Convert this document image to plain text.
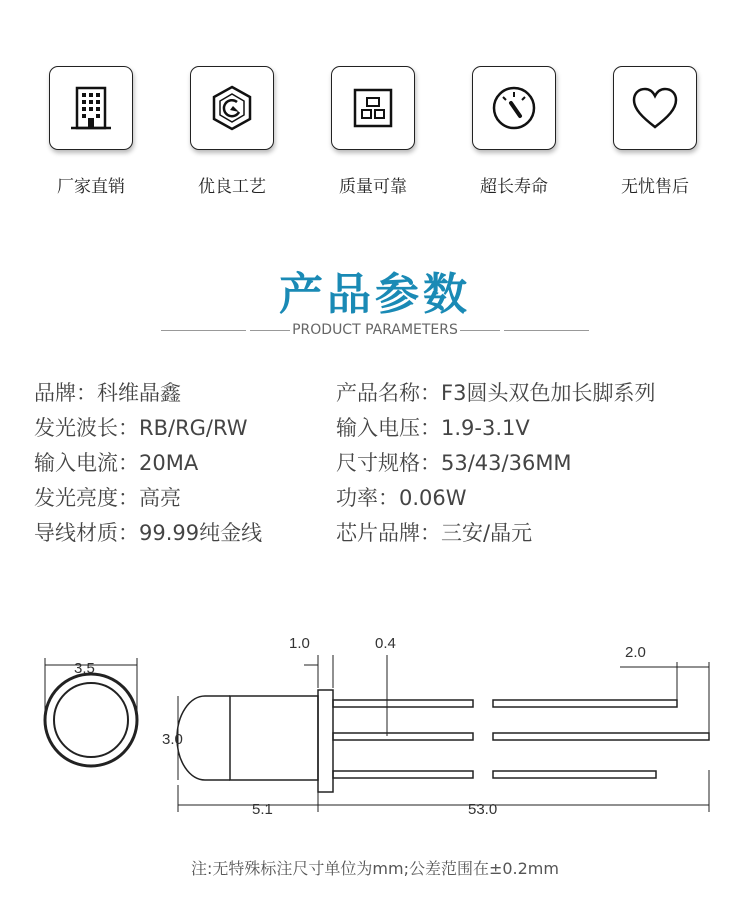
厂家直销	优良工艺	质量可靠	超长寿命	无忧售后
产品参数
PRODUCT PARAMETERS
品牌：科维晶鑫	产品名称：F3圆头双色加长脚系列
发光波长：RB/RG/RW	输入电压：1.9-3.1V
输入电流：20MA	尺寸规格：53/43/36MM
发光亮度：高亮	功率：0.06W
导线材质：99.99纯金线	芯片品牌：三安/晶元
3.5
3.0
1.0	0.4
2.0
5.1	53.0
注:无特殊标注尺寸单位为mm;公差范围在±0.2mm
